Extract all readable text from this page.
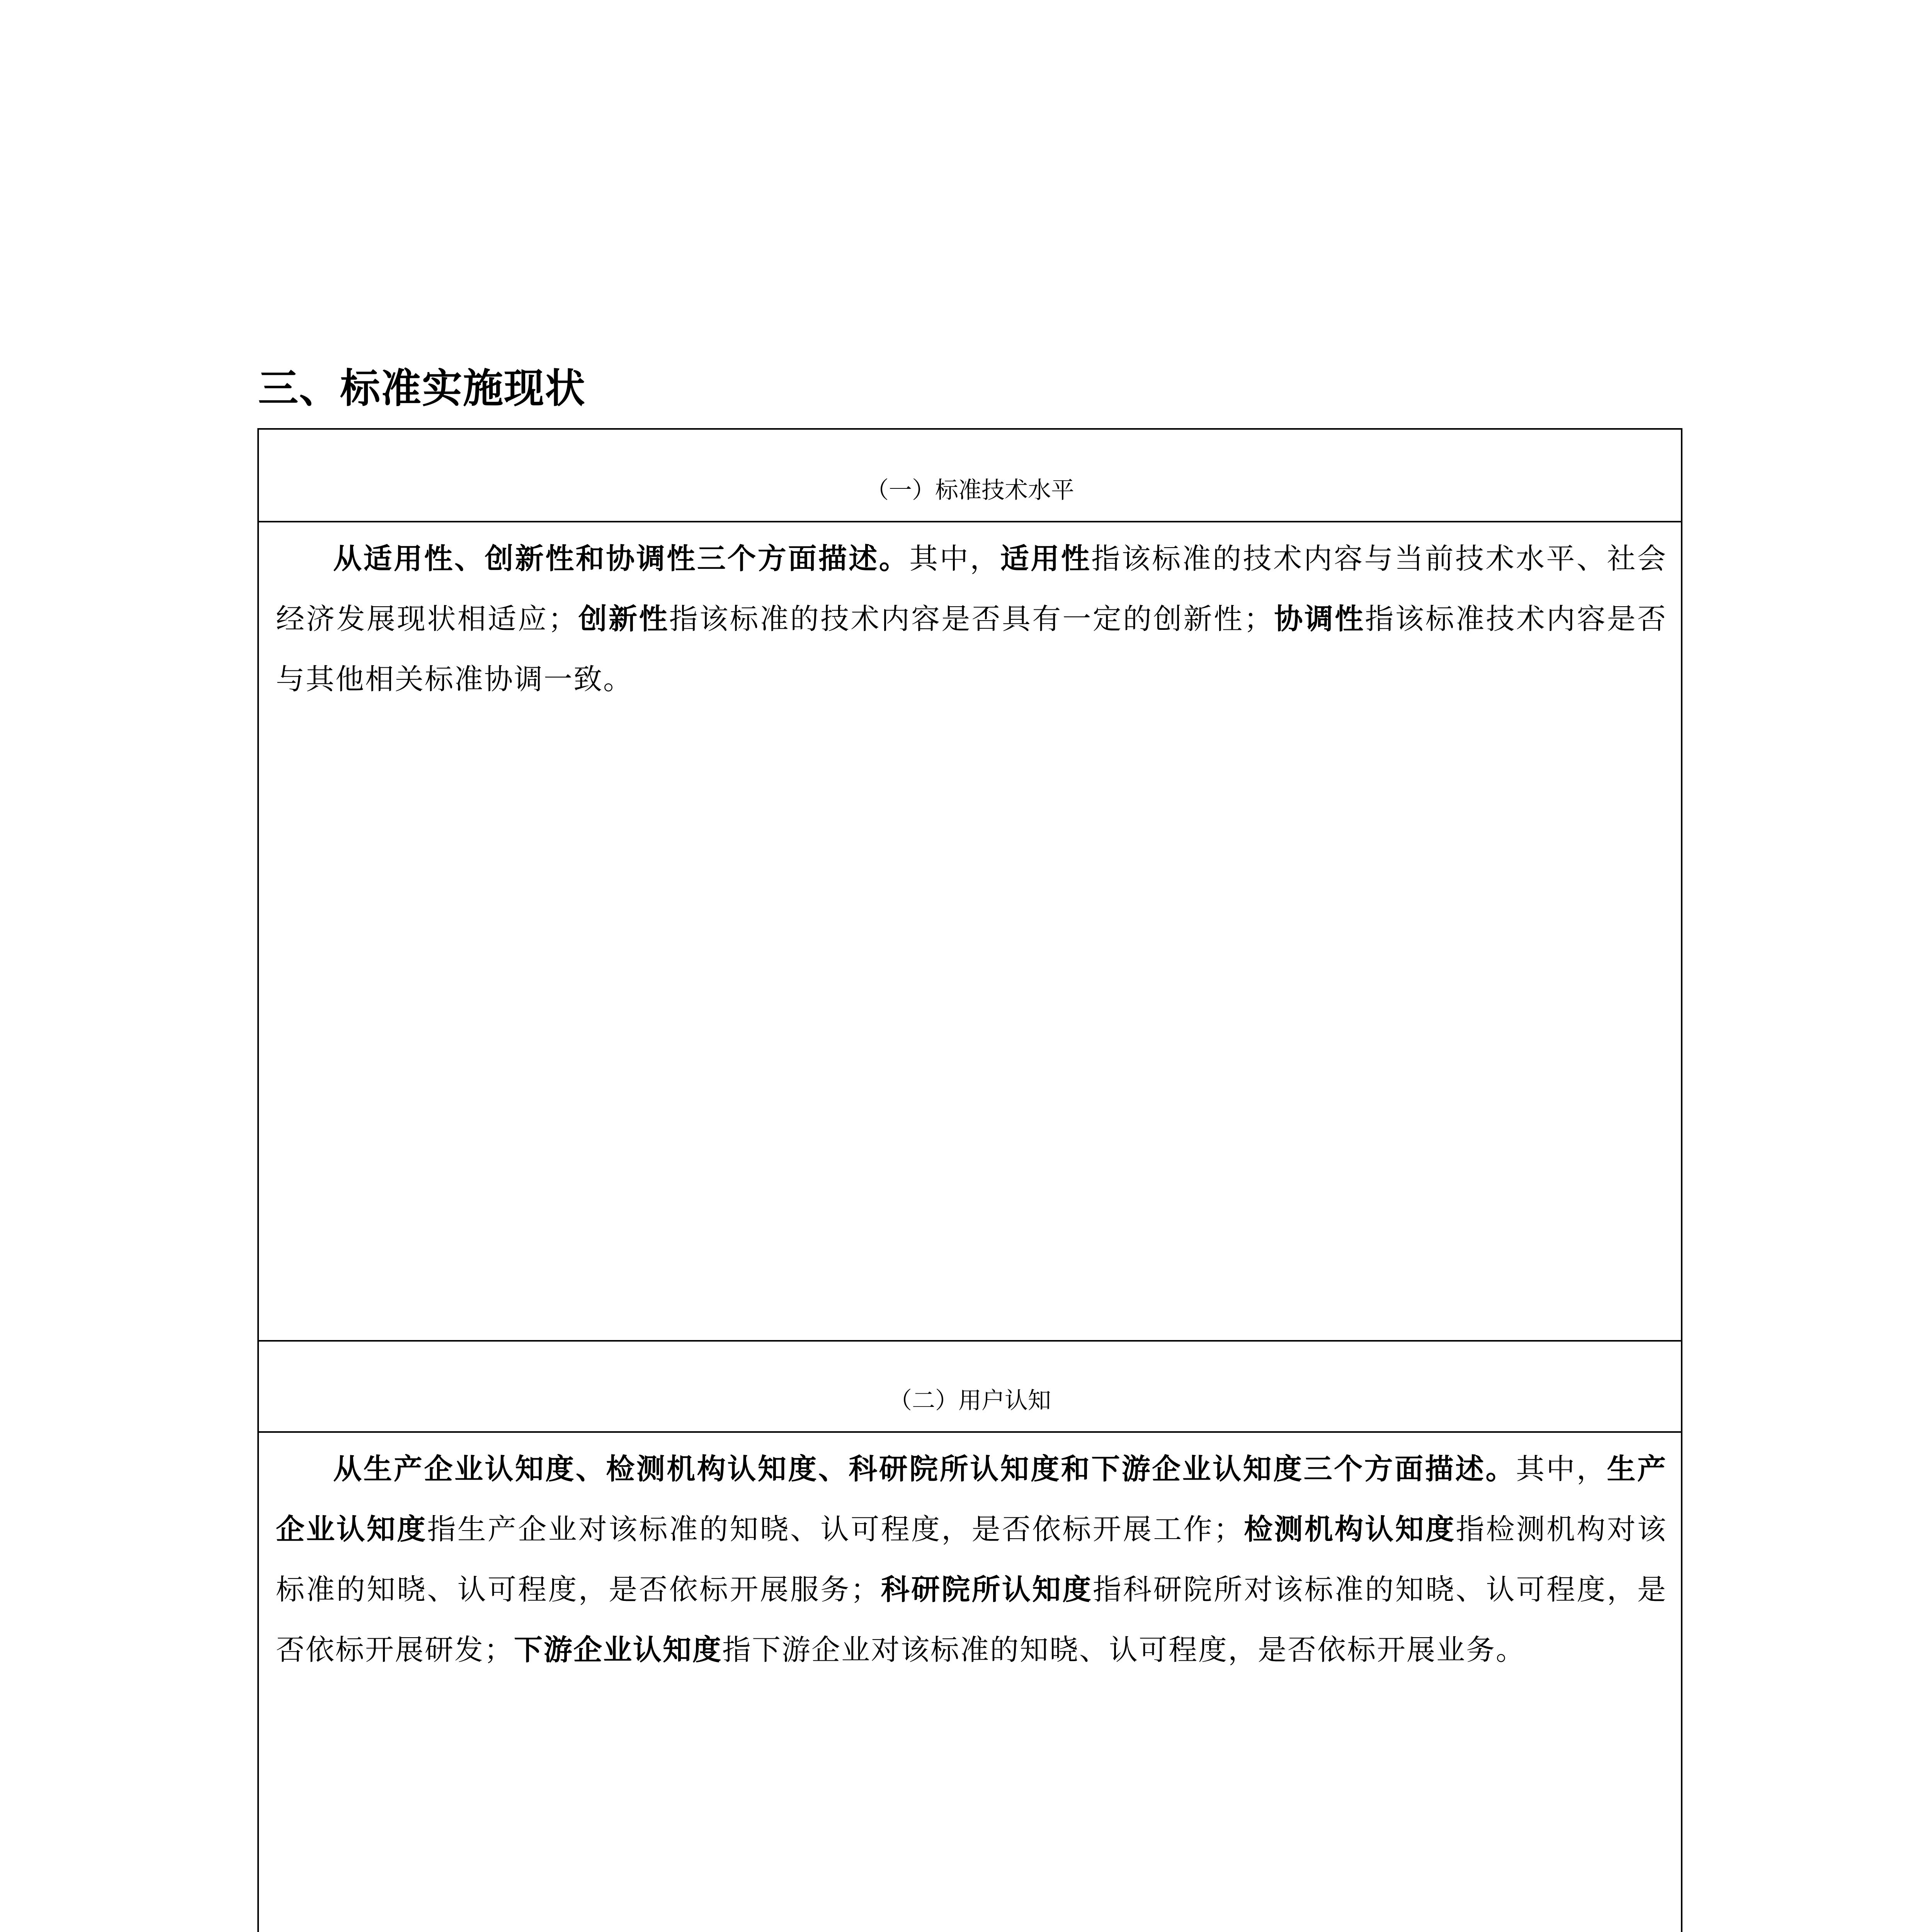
三、标准实施现状
（一）标准技术水平

从适用性、创新性和协调性三个方面描述。其中，适用性指该标准的技术内容与当前技术水平、社会经济发展现状相适应；创新性指该标准的技术内容是否具有一定的创新性；协调性指该标准技术内容是否与其他相关标准协调一致。

（二）用户认知

从生产企业认知度、检测机构认知度、科研院所认知度和下游企业认知度三个方面描述。其中，生产企业认知度指生产企业对该标准的知晓、认可程度，是否依标开展工作；检测机构认知度指检测机构对该标准的知晓、认可程度，是否依标开展服务；科研院所认知度指科研院所对该标准的知晓、认可程度，是否依标开展研发；下游企业认知度指下游企业对该标准的知晓、认可程度，是否依标开展业务。
